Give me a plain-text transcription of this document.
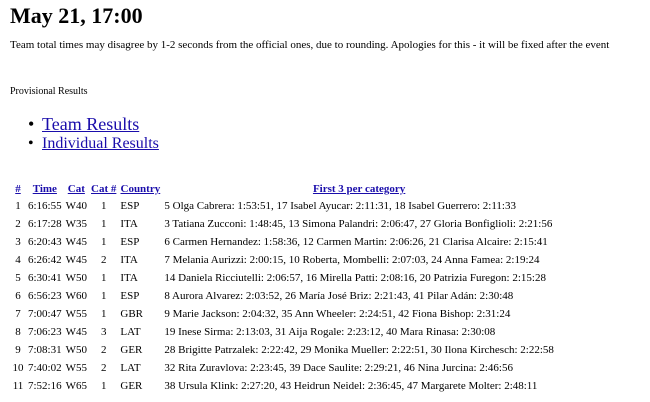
May 21, 17:00

Team total times may disagree by 1-2 seconds from the official ones, due to rounding. Apologies for this - it will be fixed after the event

Provisional Results

• Team Results
• Individual Results
#	Time	Cat	Cat #	Country	First 3 per category
1	6:16:55	W40	1	ESP	5 Olga Cabrera: 1:53:51, 17 Isabel Ayucar: 2:11:31, 18 Isabel Guerrero: 2:11:33
2	6:17:28	W35	1	ITA	3 Tatiana Zucconi: 1:48:45, 13 Simona Palandri: 2:06:47, 27 Gloria Bonfiglioli: 2:21:56
3	6:20:43	W45	1	ESP	6 Carmen Hernandez: 1:58:36, 12 Carmen Martin: 2:06:26, 21 Clarisa Alcaire: 2:15:41
4	6:26:42	W45	2	ITA	7 Melania Aurizzi: 2:00:15, 10 Roberta, Mombelli: 2:07:03, 24 Anna Famea: 2:19:24
5	6:30:41	W50	1	ITA	14 Daniela Ricciutelli: 2:06:57, 16 Mirella Patti: 2:08:16, 20 Patrizia Furegon: 2:15:28
6	6:56:23	W60	1	ESP	8 Aurora Alvarez: 2:03:52, 26 María José Briz: 2:21:43, 41 Pilar Adán: 2:30:48
7	7:00:47	W55	1	GBR	9 Marie Jackson: 2:04:32, 35 Ann Wheeler: 2:24:51, 42 Fiona Bishop: 2:31:24
8	7:06:23	W45	3	LAT	19 Inese Sirma: 2:13:03, 31 Aija Rogale: 2:23:12, 40 Mara Rinasa: 2:30:08
9	7:08:31	W50	2	GER	28 Brigitte Patrzalek: 2:22:42, 29 Monika Mueller: 2:22:51, 30 Ilona Kirchesch: 2:22:58
10	7:40:02	W55	2	LAT	32 Rita Zuravlova: 2:23:45, 39 Dace Saulite: 2:29:21, 46 Nina Jurcina: 2:46:56
11	7:52:16	W65	1	GER	38 Ursula Klink: 2:27:20, 43 Heidrun Neidel: 2:36:45, 47 Margarete Molter: 2:48:11
